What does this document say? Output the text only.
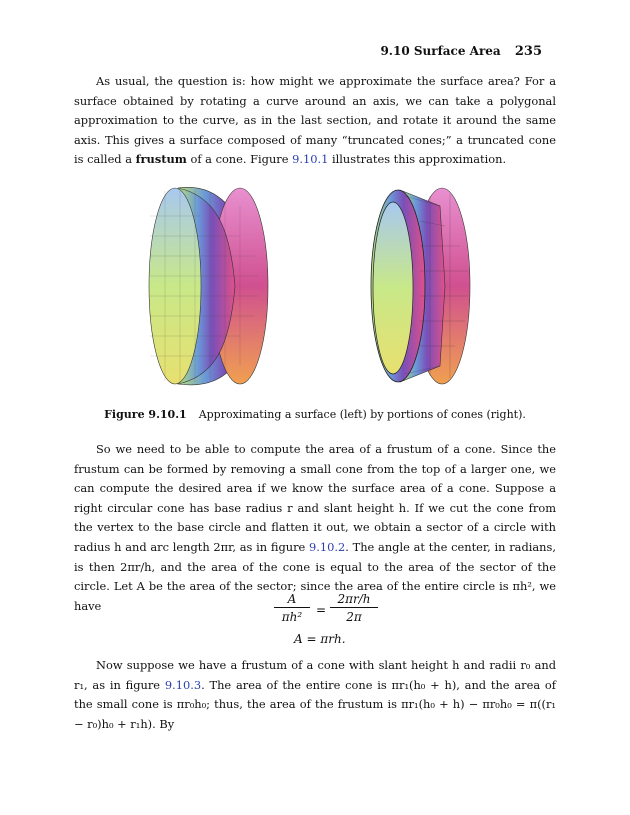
9.10 Surface Area 235

As usual, the question is: how might we approximate the surface area? For a surface obtained by rotating a curve around an axis, we can take a polygonal approximation to the curve, as in the last section, and rotate it around the same axis. This gives a surface composed of many “truncated cones;” a truncated cone is called a frustum of a cone. Figure 9.10.1 illustrates this approximation.

Figure 9.10.1 Approximating a surface (left) by portions of cones (right).

So we need to be able to compute the area of a frustum of a cone. Since the frustum can be formed by removing a small cone from the top of a larger one, we can compute the desired area if we know the surface area of a cone. Suppose a right circular cone has base radius r and slant height h. If we cut the cone from the vertex to the base circle and flatten it out, we obtain a sector of a circle with radius h and arc length 2πr, as in figure 9.10.2. The angle at the center, in radians, is then 2πr/h, and the area of the cone is equal to the area of the sector of the circle. Let A be the area of the sector; since the area of the entire circle is πh², we have	$\frac{A}{\text{πh²}} = \frac{2\pi r/h}{2\pi}$
A = πrh.

Now suppose we have a frustum of a cone with slant height h and radii r₀ and r₁, as in figure 9.10.3. The area of the entire cone is πr₁(h₀ + h), and the area of the small cone is πr₀h₀; thus, the area of the frustum is πr₁(h₀ + h) − πr₀h₀ = π((r₁ − r₀)h₀ + r₁h). By
